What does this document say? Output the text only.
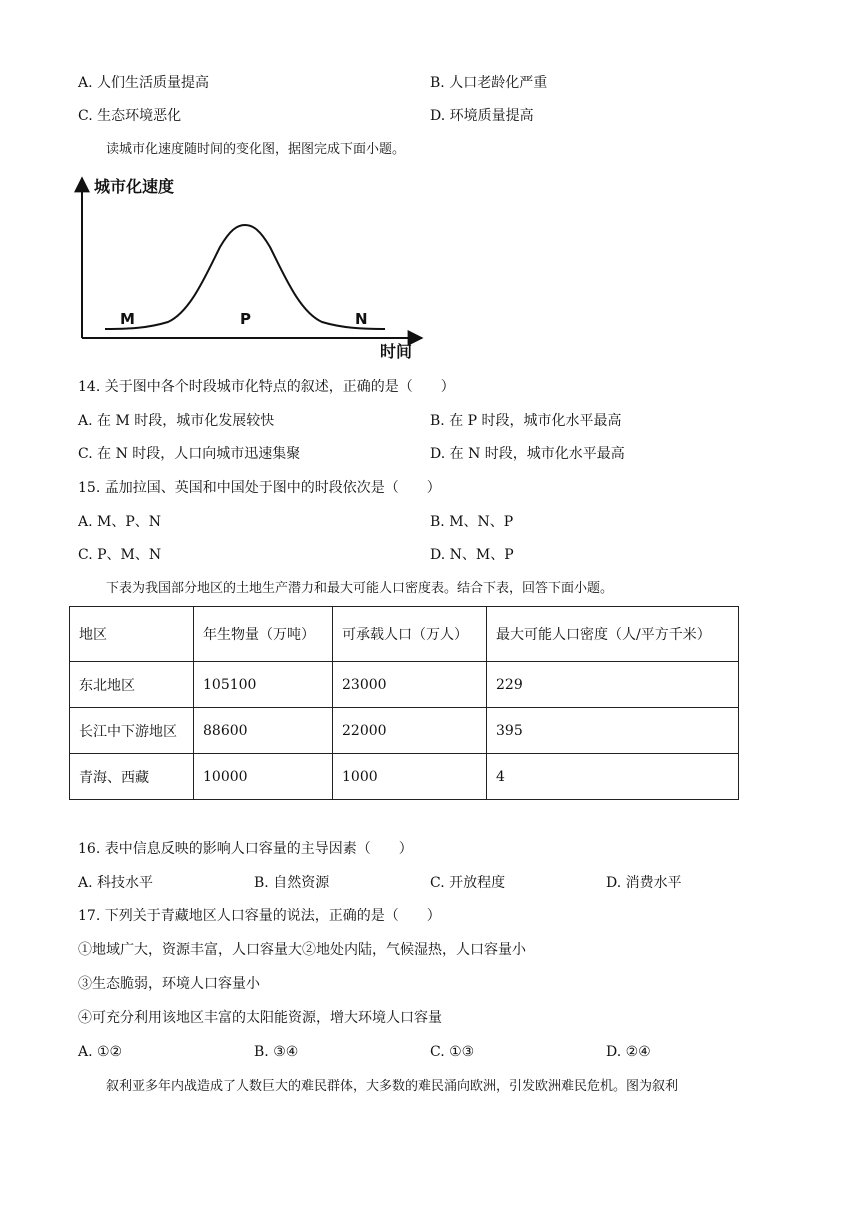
A. 人们生活质量提高	B. 人口老龄化严重
C. 生态环境恶化	D. 环境质量提高
读城市化速度随时间的变化图，据图完成下面小题。
城市化速度
时间
M	P	N
14. 关于图中各个时段城市化特点的叙述，正确的是（　　）
A. 在 M 时段，城市化发展较快	B. 在 P 时段，城市化水平最高
C. 在 N 时段，人口向城市迅速集聚	D. 在 N 时段，城市化水平最高
15. 孟加拉国、英国和中国处于图中的时段依次是（　　）
A. M、P、N	B. M、N、P
C. P、M、N	D. N、M、P
下表为我国部分地区的土地生产潜力和最大可能人口密度表。结合下表，回答下面小题。
地区	年生物量（万吨）	可承载人口（万人）	最大可能人口密度（人/平方千米）
东北地区	105100	23000	229
长江中下游地区	88600	22000	395
青海、西藏	10000	1000	4
16. 表中信息反映的影响人口容量的主导因素（　　）
A. 科技水平	B. 自然资源	C. 开放程度	D. 消费水平
17. 下列关于青藏地区人口容量的说法，正确的是（　　）
①地域广大，资源丰富，人口容量大②地处内陆，气候湿热，人口容量小
③生态脆弱，环境人口容量小
④可充分利用该地区丰富的太阳能资源，增大环境人口容量
A. ①②	B. ③④	C. ①③	D. ②④
叙利亚多年内战造成了人数巨大的难民群体，大多数的难民涌向欧洲，引发欧洲难民危机。图为叙利
